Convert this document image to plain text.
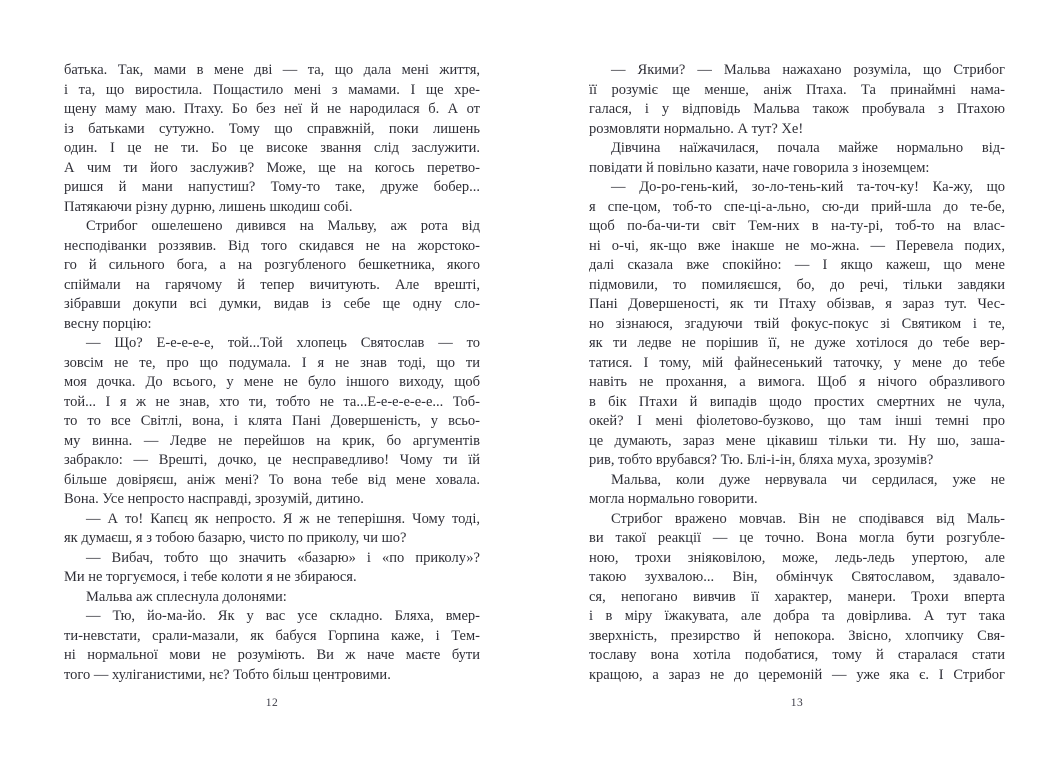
батька. Так, мами в мене дві — та, що дала мені життя,
і та, що виростила. Пощастило мені з мамами. І ще хре-
щену маму маю. Птаху. Бо без неї й не народилася б. А от
із батьками сутужно. Тому що справжній, поки лишень
один. І це не ти. Бо це високе звання слід заслужити.
А чим ти його заслужив? Може, ще на когось перетво-
ришся й мани напустиш? Тому-то таке, друже бобер...
Патякаючи різну дурню, лишень шкодиш собі.
Стрибог ошелешено дивився на Мальву, аж рота від
несподіванки роззявив. Від того скидався не на жорстоко-
го й сильного бога, а на розгубленого бешкетника, якого
спіймали на гарячому й тепер вичитують. Але врешті,
зібравши докупи всі думки, видав із себе ще одну сло-
весну порцію:
— Що? Е-е-е-е-е, той...Той хлопець Святослав — то
зовсім не те, про що подумала. І я не знав тоді, що ти
моя дочка. До всього, у мене не було іншого виходу, щоб
той... І я ж не знав, хто ти, тобто не та...Е-е-е-е-е-е... Тоб-
то то все Світлі, вона, і клята Пані Довершеність, у всьо-
му винна. — Ледве не перейшов на крик, бо аргументів
забракло: — Врешті, дочко, це несправедливо! Чому ти їй
більше довіряєш, аніж мені? То вона тебе від мене ховала.
Вона. Усе непросто насправді, зрозумій, дитино.
— А то! Капєц як непросто. Я ж не теперішня. Чому тоді,
як думаєш, я з тобою базарю, чисто по приколу, чи шо?
— Вибач, тобто що значить «базарю» і «по приколу»?
Ми не торгуємося, і тебе колоти я не збираюся.
Мальва аж сплеснула долонями:
— Тю, йо-ма-йо. Як у вас усе складно. Бляха, вмер-
ти-невстати, срали-мазали, як бабуся Горпина каже, і Тем-
ні нормальної мови не розуміють. Ви ж наче маєте бути
того — хуліганистими, нє? Тобто більш центровими.
12
— Якими? — Мальва нажахано розуміла, що Стрибог
її розуміє ще менше, аніж Птаха. Та принаймні нама-
галася, і у відповідь Мальва також пробувала з Птахою
розмовляти нормально. А тут? Хе!
Дівчина наїжачилася, почала майже нормально від-
повідати й повільно казати, наче говорила з іноземцем:
— До-ро-гень-кий, зо-ло-тень-кий та-точ-ку! Ка-жу, що
я спе-цом, тоб-то спе-ці-а-льно, сю-ди прий-шла до те-бе,
щоб по-ба-чи-ти світ Тем-них в на-ту-рі, тоб-то на влас-
ні о-чі, як-що вже інакше не мо-жна. — Перевела подих,
далі сказала вже спокійно: — І якщо кажеш, що мене
підмовили, то помиляєшся, бо, до речі, тільки завдяки
Пані Довершеності, як ти Птаху обізвав, я зараз тут. Чес-
но зізнаюся, згадуючи твій фокус-покус зі Святиком і те,
як ти ледве не порішив її, не дуже хотілося до тебе вер-
татися. І тому, мій файнесенький таточку, у мене до тебе
навіть не прохання, а вимога. Щоб я нічого образливого
в бік Птахи й випадів щодо простих смертних не чула,
окей? І мені фіолетово-бузково, що там інші темні про
це думають, зараз мене цікавиш тільки ти. Ну шо, заша-
рив, тобто врубався? Тю. Блі-і-ін, бляха муха, зрозумів?
Мальва, коли дуже нервувала чи сердилася, уже не
могла нормально говорити.
Стрибог вражено мовчав. Він не сподівався від Маль-
ви такої реакції — це точно. Вона могла бути розгубле-
ною, трохи зніяковілою, може, ледь-ледь упертою, але
такою зухвалою... Він, обмінчук Святославом, здавало-
ся, непогано вивчив її характер, манери. Трохи вперта
і в міру їжакувата, але добра та довірлива. А тут така
зверхність, презирство й непокора. Звісно, хлопчику Свя-
тославу вона хотіла подобатися, тому й старалася стати
кращою, а зараз не до церемоній — уже яка є. І Стрибог
13
